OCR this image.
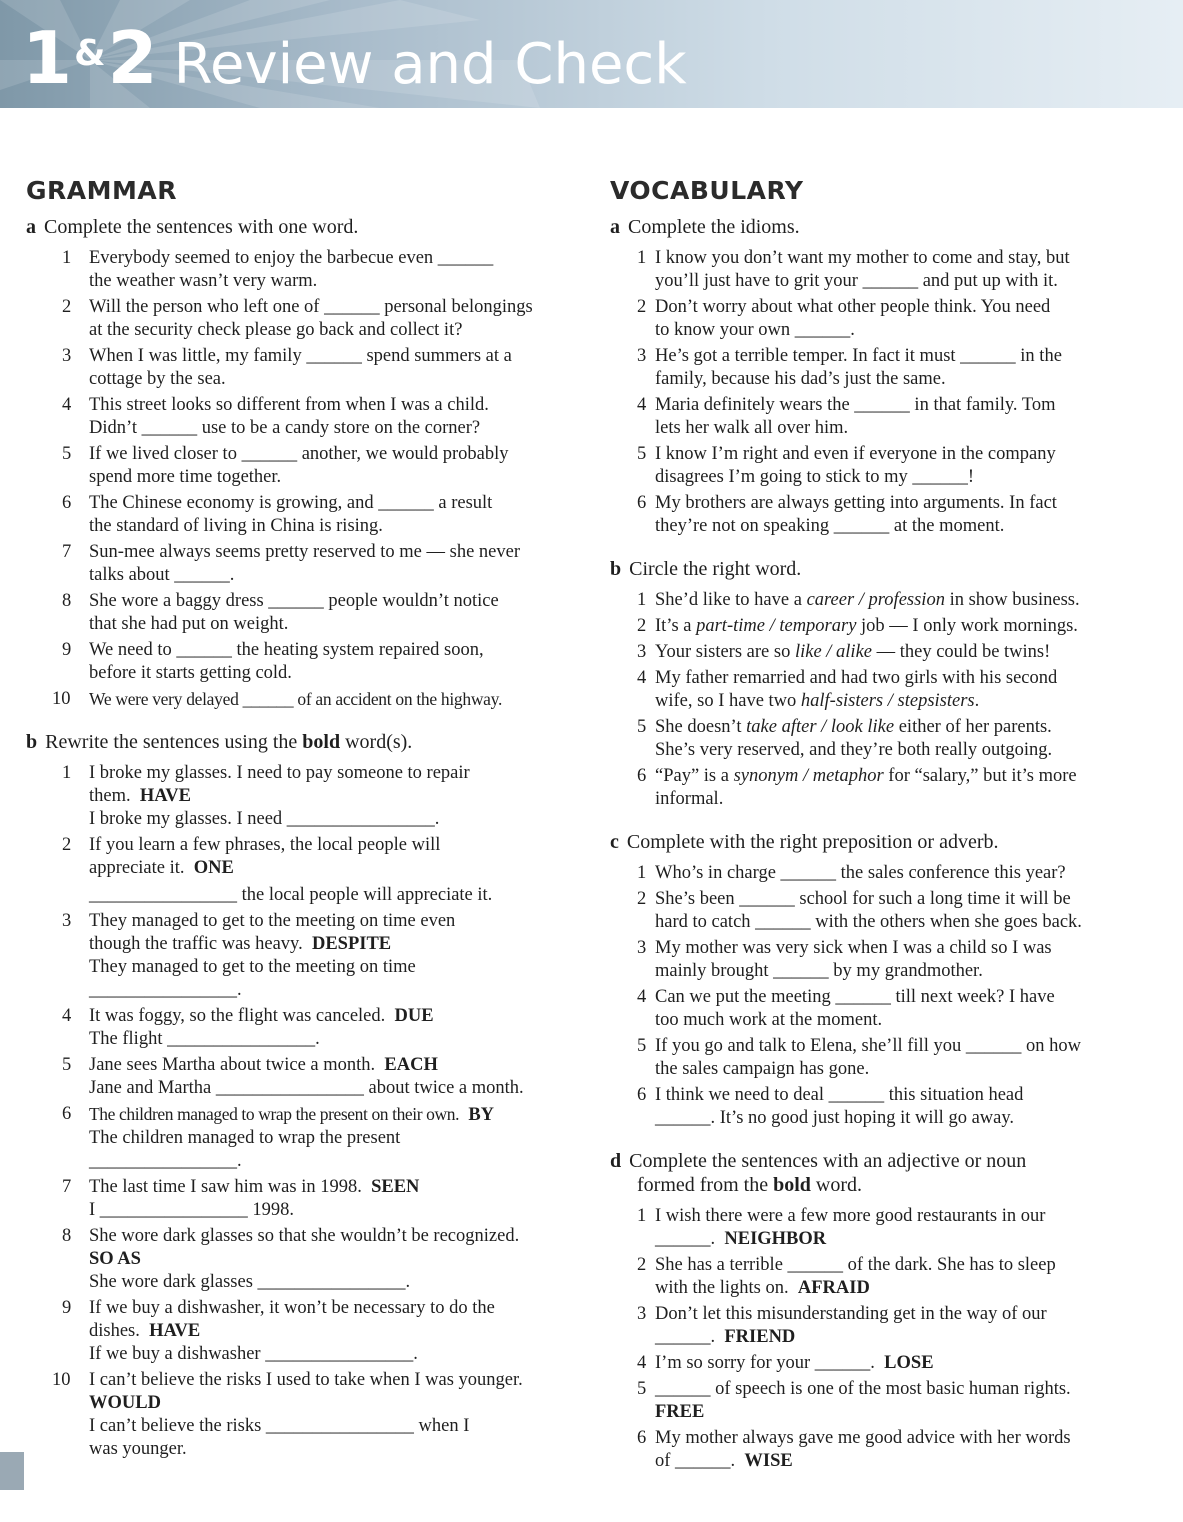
1&2 Review and Check
GRAMMAR
a Complete the sentences with one word.
1 Everybody seemed to enjoy the barbecue even ______
the weather wasn’t very warm.
2 Will the person who left one of ______ personal belongings
at the security check please go back and collect it?
3 When I was little, my family ______ spend summers at a
cottage by the sea.
4 This street looks so different from when I was a child.
Didn’t ______ use to be a candy store on the corner?
5 If we lived closer to ______ another, we would probably
spend more time together.
6 The Chinese economy is growing, and ______ a result
the standard of living in China is rising.
7 Sun-mee always seems pretty reserved to me — she never
talks about ______.
8 She wore a baggy dress ______ people wouldn’t notice
that she had put on weight.
9 We need to ______ the heating system repaired soon,
before it starts getting cold.
10 We were very delayed ______ of an accident on the highway.
b Rewrite the sentences using the bold word(s).
1 I broke my glasses. I need to pay someone to repair
them. HAVE
I broke my glasses. I need ________________.
2 If you learn a few phrases, the local people will
appreciate it. ONE
________________ the local people will appreciate it.
3 They managed to get to the meeting on time even
though the traffic was heavy. DESPITE
They managed to get to the meeting on time
________________.
4 It was foggy, so the flight was canceled. DUE
The flight ________________.
5 Jane sees Martha about twice a month. EACH
Jane and Martha ________________ about twice a month.
6 The children managed to wrap the present on their own. BY
The children managed to wrap the present
________________.
7 The last time I saw him was in 1998. SEEN
I ________________ 1998.
8 She wore dark glasses so that she wouldn’t be recognized.
SO AS
She wore dark glasses ________________.
9 If we buy a dishwasher, it won’t be necessary to do the
dishes. HAVE
If we buy a dishwasher ________________.
10 I can’t believe the risks I used to take when I was younger.
WOULD
I can’t believe the risks ________________ when I
was younger.
VOCABULARY
a Complete the idioms.
1 I know you don’t want my mother to come and stay, but
you’ll just have to grit your ______ and put up with it.
2 Don’t worry about what other people think. You need
to know your own ______.
3 He’s got a terrible temper. In fact it must ______ in the
family, because his dad’s just the same.
4 Maria definitely wears the ______ in that family. Tom
lets her walk all over him.
5 I know I’m right and even if everyone in the company
disagrees I’m going to stick to my ______!
6 My brothers are always getting into arguments. In fact
they’re not on speaking ______ at the moment.
b Circle the right word.
1 She’d like to have a career / profession in show business.
2 It’s a part-time / temporary job — I only work mornings.
3 Your sisters are so like / alike — they could be twins!
4 My father remarried and had two girls with his second
wife, so I have two half-sisters / stepsisters.
5 She doesn’t take after / look like either of her parents.
She’s very reserved, and they’re both really outgoing.
6 “Pay” is a synonym / metaphor for “salary,” but it’s more
informal.
c Complete with the right preposition or adverb.
1 Who’s in charge ______ the sales conference this year?
2 She’s been ______ school for such a long time it will be
hard to catch ______ with the others when she goes back.
3 My mother was very sick when I was a child so I was
mainly brought ______ by my grandmother.
4 Can we put the meeting ______ till next week? I have
too much work at the moment.
5 If you go and talk to Elena, she’ll fill you ______ on how
the sales campaign has gone.
6 I think we need to deal ______ this situation head
______. It’s no good just hoping it will go away.
d Complete the sentences with an adjective or noun
formed from the bold word.
1 I wish there were a few more good restaurants in our
______. NEIGHBOR
2 She has a terrible ______ of the dark. She has to sleep
with the lights on. AFRAID
3 Don’t let this misunderstanding get in the way of our
______. FRIEND
4 I’m so sorry for your ______. LOSE
5 ______ of speech is one of the most basic human rights.
FREE
6 My mother always gave me good advice with her words
of ______. WISE
